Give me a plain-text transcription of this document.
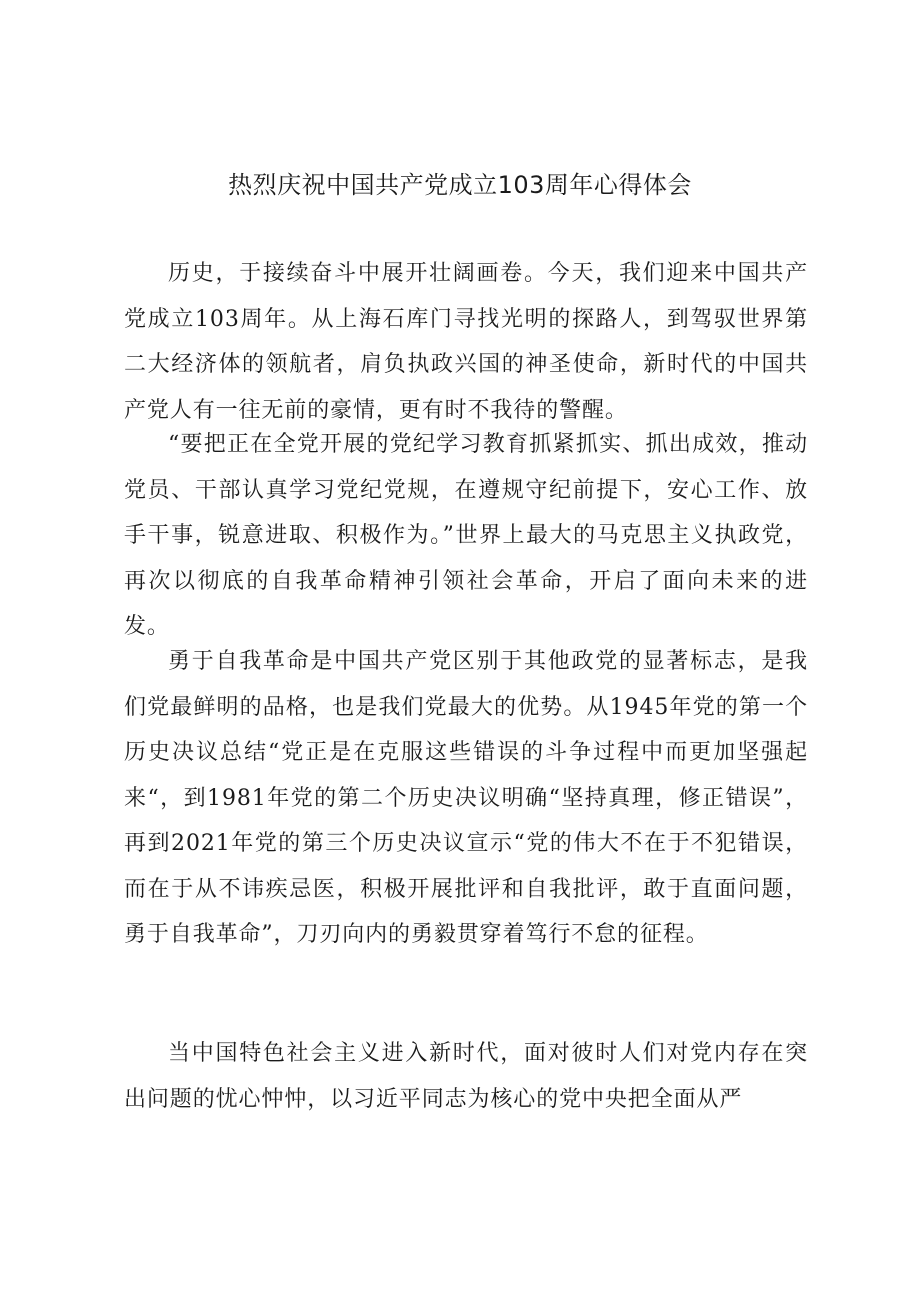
热烈庆祝中国共产党成立103周年心得体会

历史，于接续奋斗中展开壮阔画卷。今天，我们迎来中国共产党成立103周年。从上海石库门寻找光明的探路人，到驾驭世界第二大经济体的领航者，肩负执政兴国的神圣使命，新时代的中国共产党人有一往无前的豪情，更有时不我待的警醒。

“要把正在全党开展的党纪学习教育抓紧抓实、抓出成效，推动党员、干部认真学习党纪党规，在遵规守纪前提下，安心工作、放手干事，锐意进取、积极作为。”世界上最大的马克思主义执政党，再次以彻底的自我革命精神引领社会革命，开启了面向未来的进发。

勇于自我革命是中国共产党区别于其他政党的显著标志，是我们党最鲜明的品格，也是我们党最大的优势。从1945年党的第一个历史决议总结“党正是在克服这些错误的斗争过程中而更加坚强起来“，到1981年党的第二个历史决议明确“坚持真理，修正错误”，再到2021年党的第三个历史决议宣示“党的伟大不在于不犯错误，而在于从不讳疾忌医，积极开展批评和自我批评，敢于直面问题，勇于自我革命”，刀刃向内的勇毅贯穿着笃行不怠的征程。

当中国特色社会主义进入新时代，面对彼时人们对党内存在突出问题的忧心忡忡，以习近平同志为核心的党中央把全面从严
